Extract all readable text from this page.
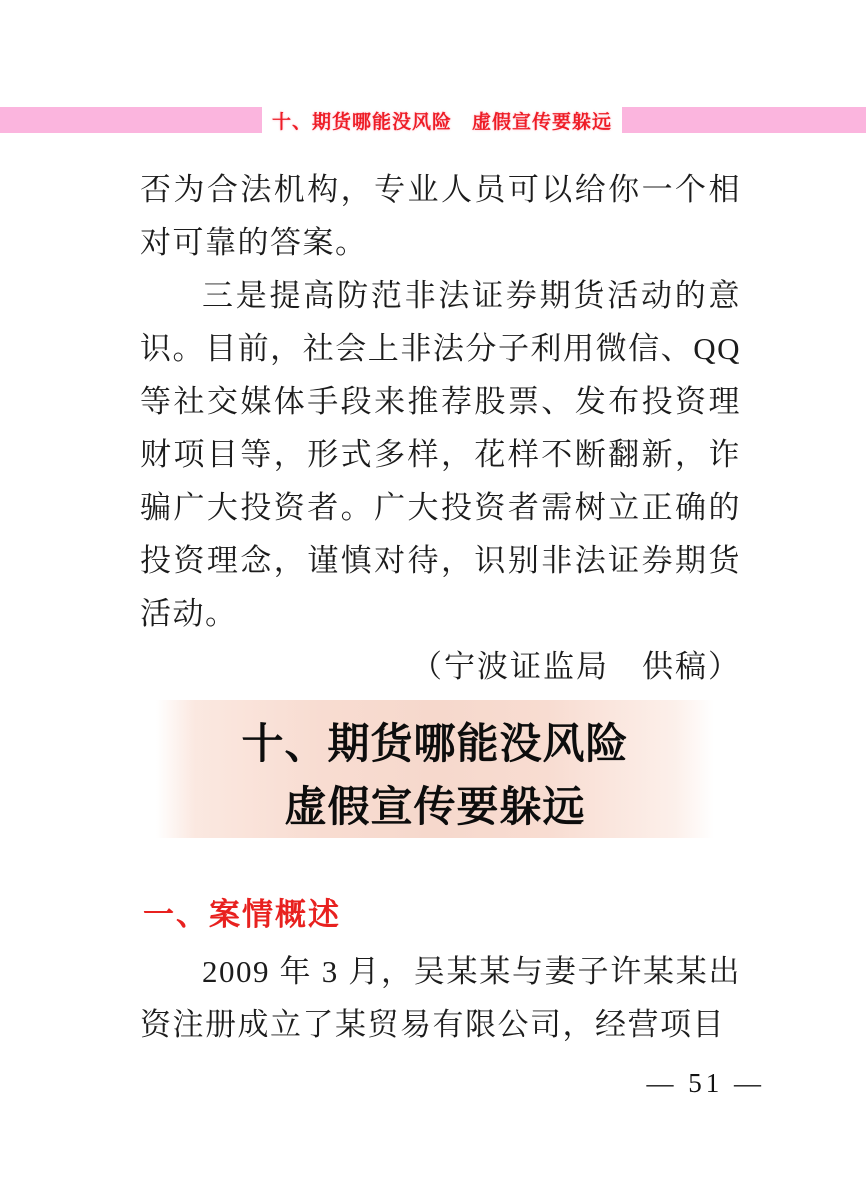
十、期货哪能没风险　虚假宣传要躲远

否为合法机构，专业人员可以给你一个相对可靠的答案。

三是提高防范非法证券期货活动的意识。目前，社会上非法分子利用微信、QQ等社交媒体手段来推荐股票、发布投资理财项目等，形式多样，花样不断翻新，诈骗广大投资者。广大投资者需树立正确的投资理念，谨慎对待，识别非法证券期货活动。

（宁波证监局　供稿）

十、期货哪能没风险
虚假宣传要躲远
一、案情概述

2009 年 3 月，吴某某与妻子许某某出资注册成立了某贸易有限公司，经营项目

— 51 —
